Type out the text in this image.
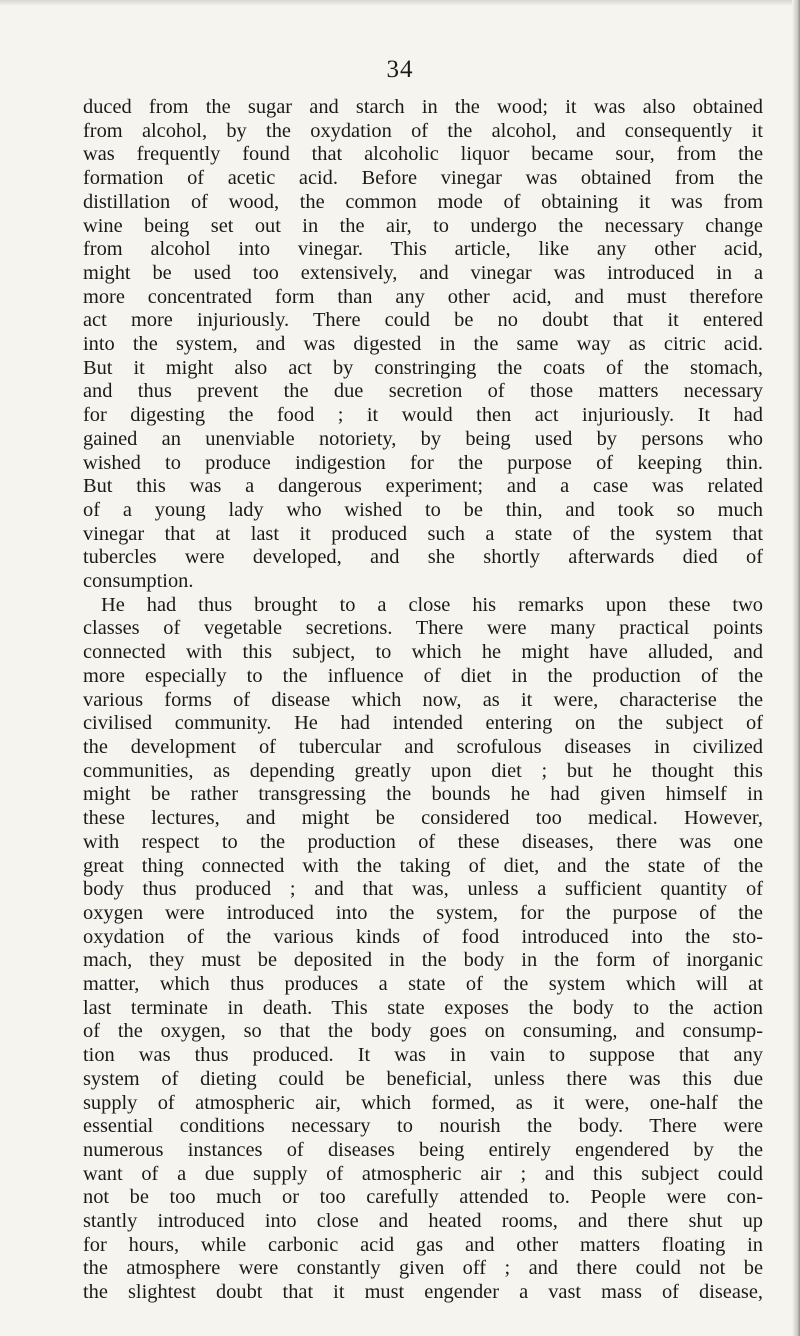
34
duced from the sugar and starch in the wood; it was also obtained
from alcohol, by the oxydation of the alcohol, and consequently it
was frequently found that alcoholic liquor became sour, from the
formation of acetic acid. Before vinegar was obtained from the
distillation of wood, the common mode of obtaining it was from
wine being set out in the air, to undergo the necessary change
from alcohol into vinegar. This article, like any other acid,
might be used too extensively, and vinegar was introduced in a
more concentrated form than any other acid, and must therefore
act more injuriously. There could be no doubt that it entered
into the system, and was digested in the same way as citric acid.
But it might also act by constringing the coats of the stomach,
and thus prevent the due secretion of those matters necessary
for digesting the food ; it would then act injuriously. It had
gained an unenviable notoriety, by being used by persons who
wished to produce indigestion for the purpose of keeping thin.
But this was a dangerous experiment; and a case was related
of a young lady who wished to be thin, and took so much
vinegar that at last it produced such a state of the system that
tubercles were developed, and she shortly afterwards died of
consumption.
He had thus brought to a close his remarks upon these two
classes of vegetable secretions. There were many practical points
connected with this subject, to which he might have alluded, and
more especially to the influence of diet in the production of the
various forms of disease which now, as it were, characterise the
civilised community. He had intended entering on the subject of
the development of tubercular and scrofulous diseases in civilized
communities, as depending greatly upon diet ; but he thought this
might be rather transgressing the bounds he had given himself in
these lectures, and might be considered too medical. However,
with respect to the production of these diseases, there was one
great thing connected with the taking of diet, and the state of the
body thus produced ; and that was, unless a sufficient quantity of
oxygen were introduced into the system, for the purpose of the
oxydation of the various kinds of food introduced into the sto-
mach, they must be deposited in the body in the form of inorganic
matter, which thus produces a state of the system which will at
last terminate in death. This state exposes the body to the action
of the oxygen, so that the body goes on consuming, and consump-
tion was thus produced. It was in vain to suppose that any
system of dieting could be beneficial, unless there was this due
supply of atmospheric air, which formed, as it were, one-half the
essential conditions necessary to nourish the body. There were
numerous instances of diseases being entirely engendered by the
want of a due supply of atmospheric air ; and this subject could
not be too much or too carefully attended to. People were con-
stantly introduced into close and heated rooms, and there shut up
for hours, while carbonic acid gas and other matters floating in
the atmosphere were constantly given off ; and there could not be
the slightest doubt that it must engender a vast mass of disease,
